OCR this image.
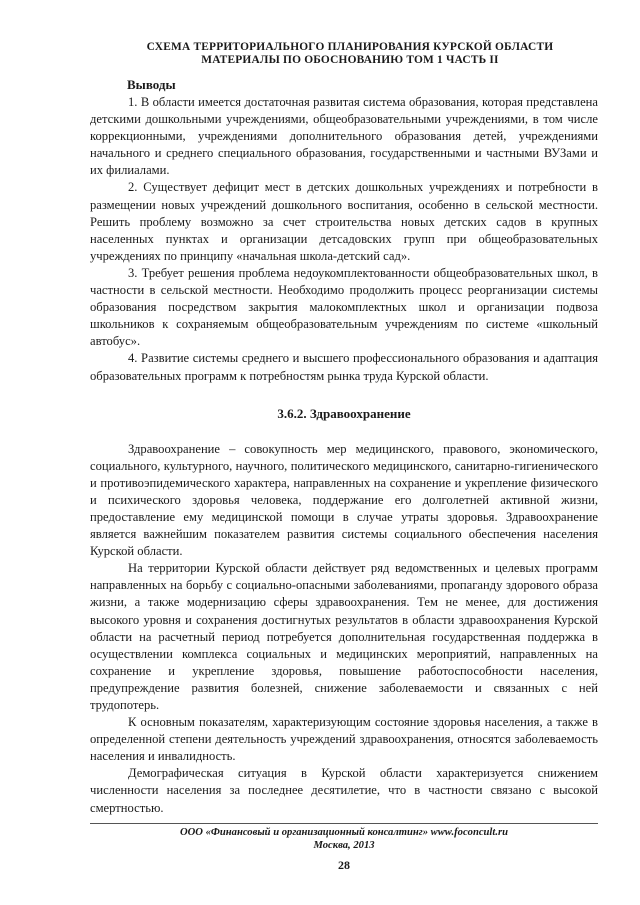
СХЕМА ТЕРРИТОРИАЛЬНОГО ПЛАНИРОВАНИЯ КУРСКОЙ ОБЛАСТИ
МАТЕРИАЛЫ ПО ОБОСНОВАНИЮ ТОМ 1 ЧАСТЬ II
Выводы

1. В области имеется достаточная развитая система образования, которая представлена детскими дошкольными учреждениями, общеобразовательными учреждениями, в том числе коррекционными, учреждениями дополнительного образования детей, учреждениями начального и среднего специального образования, государственными и частными ВУЗами и их филиалами.

2. Существует дефицит мест в детских дошкольных учреждениях и потребности в размещении новых учреждений дошкольного воспитания, особенно в сельской местности. Решить проблему возможно за счет строительства новых детских садов в крупных населенных пунктах и организации детсадовских групп при общеобразовательных учреждениях по принципу «начальная школа-детский сад».

3. Требует решения проблема недоукомплектованности общеобразовательных школ, в частности в сельской местности. Необходимо продолжить процесс реорганизации системы образования посредством закрытия малокомплектных школ и организации подвоза школьников к сохраняемым общеобразовательным учреждениям по системе «школьный автобус».

4. Развитие системы среднего и высшего профессионального образования и адаптация образовательных программ к потребностям рынка труда Курской области.

3.6.2. Здравоохранение

Здравоохранение – совокупность мер медицинского, правового, экономического, социального, культурного, научного, политического медицинского, санитарно-гигиенического и противоэпидемического характера, направленных на сохранение и укрепление физического и психического здоровья человека, поддержание его долголетней активной жизни, предоставление ему медицинской помощи в случае утраты здоровья. Здравоохранение является важнейшим показателем развития системы социального обеспечения населения Курской области.

На территории Курской области действует ряд ведомственных и целевых программ направленных на борьбу с социально-опасными заболеваниями, пропаганду здорового образа жизни, а также модернизацию сферы здравоохранения. Тем не менее, для достижения высокого уровня и сохранения достигнутых результатов в области здравоохранения Курской области на расчетный период потребуется дополнительная государственная поддержка в осуществлении комплекса социальных и медицинских мероприятий, направленных на сохранение и укрепление здоровья, повышение работоспособности населения, предупреждение развития болезней, снижение заболеваемости и связанных с ней трудопотерь.

К основным показателям, характеризующим состояние здоровья населения, а также в определенной степени деятельность учреждений здравоохранения, относятся заболеваемость населения и инвалидность.

Демографическая ситуация в Курской области характеризуется снижением численности населения за последнее десятилетие, что в частности связано с высокой смертностью.

ООО «Финансовый и организационный консалтинг» www.foconcult.ru
Москва, 2013
28
